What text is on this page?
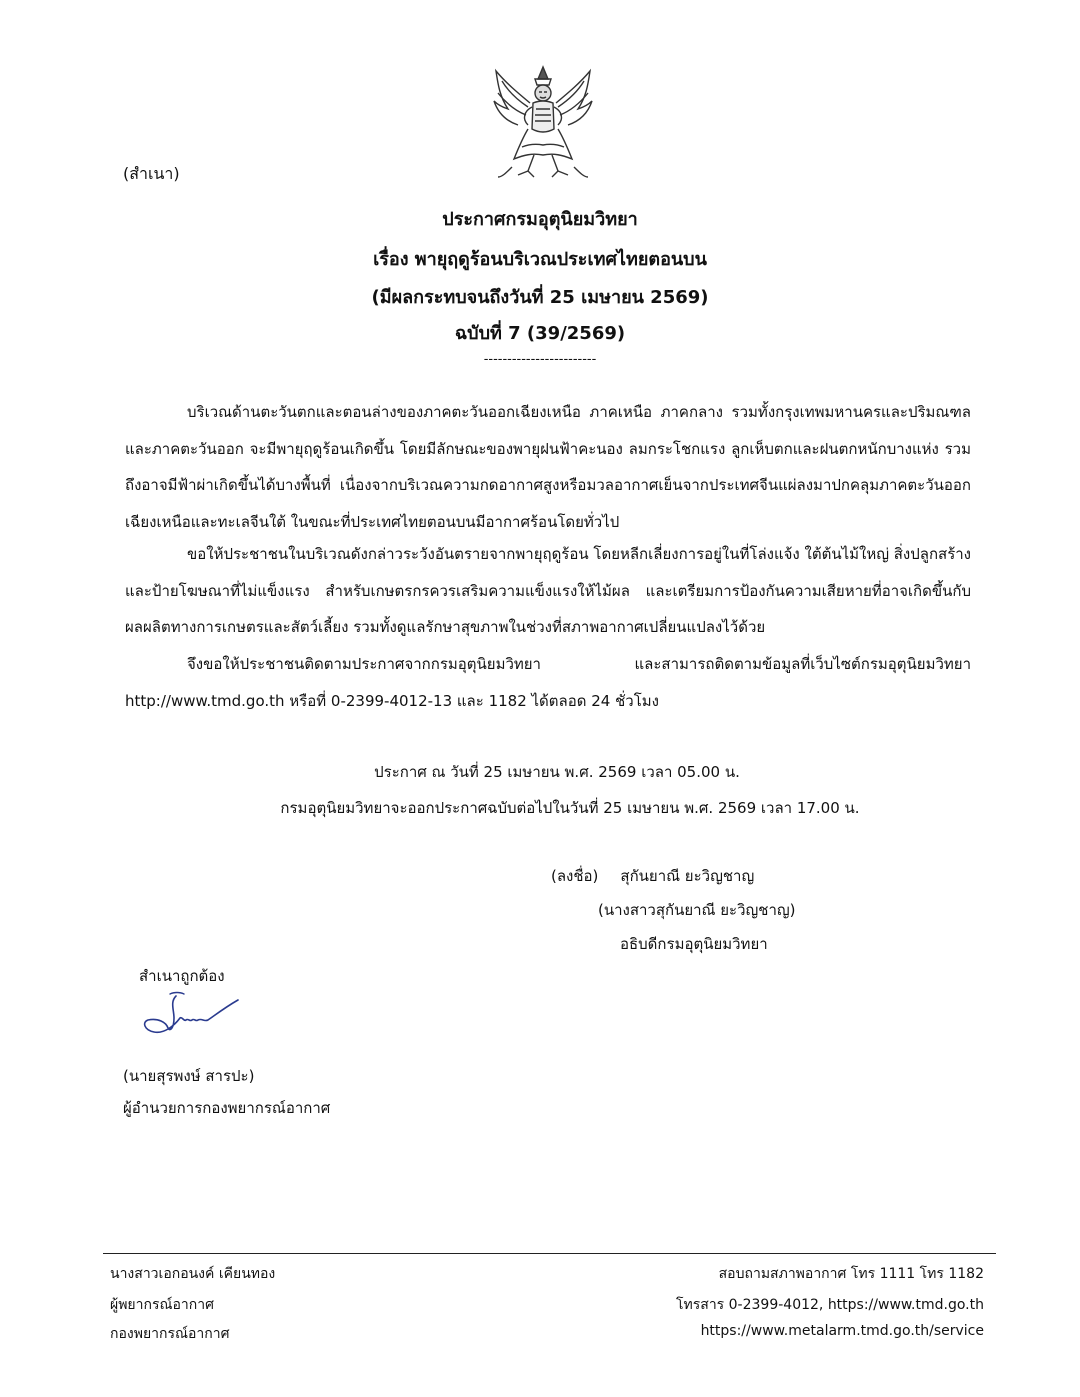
(สำเนา)
ประกาศกรมอุตุนิยมวิทยา
เรื่อง พายุฤดูร้อนบริเวณประเทศไทยตอนบน
(มีผลกระทบจนถึงวันที่ 25 เมษายน 2569)
ฉบับที่ 7 (39/2569)
------------------------
บริเวณด้านตะวันตกและตอนล่างของภาคตะวันออกเฉียงเหนือ ภาคเหนือ ภาคกลาง รวมทั้งกรุงเทพมหานครและปริมณฑล และภาคตะวันออก จะมีพายุฤดูร้อนเกิดขึ้น โดยมีลักษณะของพายุฝนฟ้าคะนอง ลมกระโชกแรง ลูกเห็บตกและฝนตกหนักบางแห่ง รวมถึงอาจมีฟ้าผ่าเกิดขึ้นได้บางพื้นที่ เนื่องจากบริเวณความกดอากาศสูงหรือมวลอากาศเย็นจากประเทศจีนแผ่ลงมาปกคลุมภาคตะวันออกเฉียงเหนือและทะเลจีนใต้ ในขณะที่ประเทศไทยตอนบนมีอากาศร้อนโดยทั่วไป
ขอให้ประชาชนในบริเวณดังกล่าวระวังอันตรายจากพายุฤดูร้อน โดยหลีกเลี่ยงการอยู่ในที่โล่งแจ้ง ใต้ต้นไม้ใหญ่ สิ่งปลูกสร้างและป้ายโฆษณาที่ไม่แข็งแรง สำหรับเกษตรกรควรเสริมความแข็งแรงให้ไม้ผล และเตรียมการป้องกันความเสียหายที่อาจเกิดขึ้นกับผลผลิตทางการเกษตรและสัตว์เลี้ยง รวมทั้งดูแลรักษาสุขภาพในช่วงที่สภาพอากาศเปลี่ยนแปลงไว้ด้วย
จึงขอให้ประชาชนติดตามประกาศจากกรมอุตุนิยมวิทยา และสามารถติดตามข้อมูลที่เว็บไซต์กรมอุตุนิยมวิทยา http://www.tmd.go.th หรือที่ 0-2399-4012-13 และ 1182 ได้ตลอด 24 ชั่วโมง
ประกาศ ณ วันที่ 25 เมษายน พ.ศ. 2569 เวลา 05.00 น.
กรมอุตุนิยมวิทยาจะออกประกาศฉบับต่อไปในวันที่ 25 เมษายน พ.ศ. 2569 เวลา 17.00 น.
(ลงชื่อ) สุกันยาณี ยะวิญชาญ
(นางสาวสุกันยาณี ยะวิญชาญ)
อธิบดีกรมอุตุนิยมวิทยา
สำเนาถูกต้อง
(นายสุรพงษ์ สารปะ)
ผู้อำนวยการกองพยากรณ์อากาศ
นางสาวเอกอนงค์ เคียนทอง
ผู้พยากรณ์อากาศ
กองพยากรณ์อากาศ
สอบถามสภาพอากาศ โทร 1111 โทร 1182
โทรสาร 0-2399-4012, https://www.tmd.go.th
https://www.metalarm.tmd.go.th/service
